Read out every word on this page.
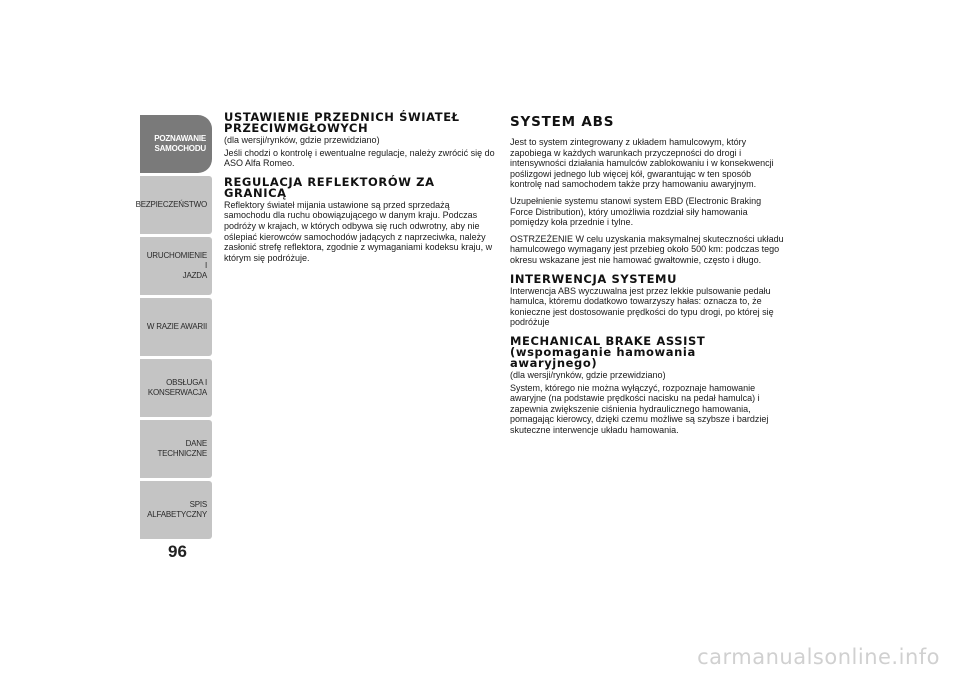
POZNAWANIE
SAMOCHODU
BEZPIECZEŃSTWO
URUCHOMIENIE I
JAZDA
W RAZIE AWARII
OBSŁUGA I
KONSERWACJA
DANE TECHNICZNE
SPIS ALFABETYCZNY
96
USTAWIENIE PRZEDNICH ŚWIATEŁ
PRZECIWMGŁOWYCH

(dla wersji/rynków, gdzie przewidziano)

Jeśli chodzi o kontrolę i ewentualne regulacje, należy zwrócić się do ASO Alfa Romeo.

REGULACJA REFLEKTORÓW ZA
GRANICĄ

Reflektory świateł mijania ustawione są przed sprzedażą samochodu dla ruchu obowiązującego w danym kraju. Podczas podróży w krajach, w których odbywa się ruch odwrotny, aby nie oślepiać kierowców samochodów jadących z naprzeciwka, należy zasłonić strefę reflektora, zgodnie z wymaganiami kodeksu kraju, w którym się podróżuje.

SYSTEM ABS

Jest to system zintegrowany z układem hamulcowym, który zapobiega w każdych warunkach przyczepności do drogi i intensywności działania hamulców zablokowaniu i w konsekwencji poślizgowi jednego lub więcej kół, gwarantując w ten sposób kontrolę nad samochodem także przy hamowaniu awaryjnym.

Uzupełnienie systemu stanowi system EBD (Electronic Braking Force Distribution), który umożliwia rozdział siły hamowania pomiędzy koła przednie i tylne.

OSTRZEŻENIE W celu uzyskania maksymalnej skuteczności układu hamulcowego wymagany jest przebieg około 500 km: podczas tego okresu wskazane jest nie hamować gwałtownie, często i długo.

INTERWENCJA SYSTEMU

Interwencja ABS wyczuwalna jest przez lekkie pulsowanie pedału hamulca, któremu dodatkowo towarzyszy hałas: oznacza to, że konieczne jest dostosowanie prędkości do typu drogi, po której się podróżuje

MECHANICAL BRAKE ASSIST
(wspomaganie hamowania
awaryjnego)

(dla wersji/rynków, gdzie przewidziano)

System, którego nie można wyłączyć, rozpoznaje hamowanie awaryjne (na podstawie prędkości nacisku na pedał hamulca) i zapewnia zwiększenie ciśnienia hydraulicznego hamowania, pomagając kierowcy, dzięki czemu możliwe są szybsze i bardziej skuteczne interwencje układu hamowania.

carmanualsonline.info
